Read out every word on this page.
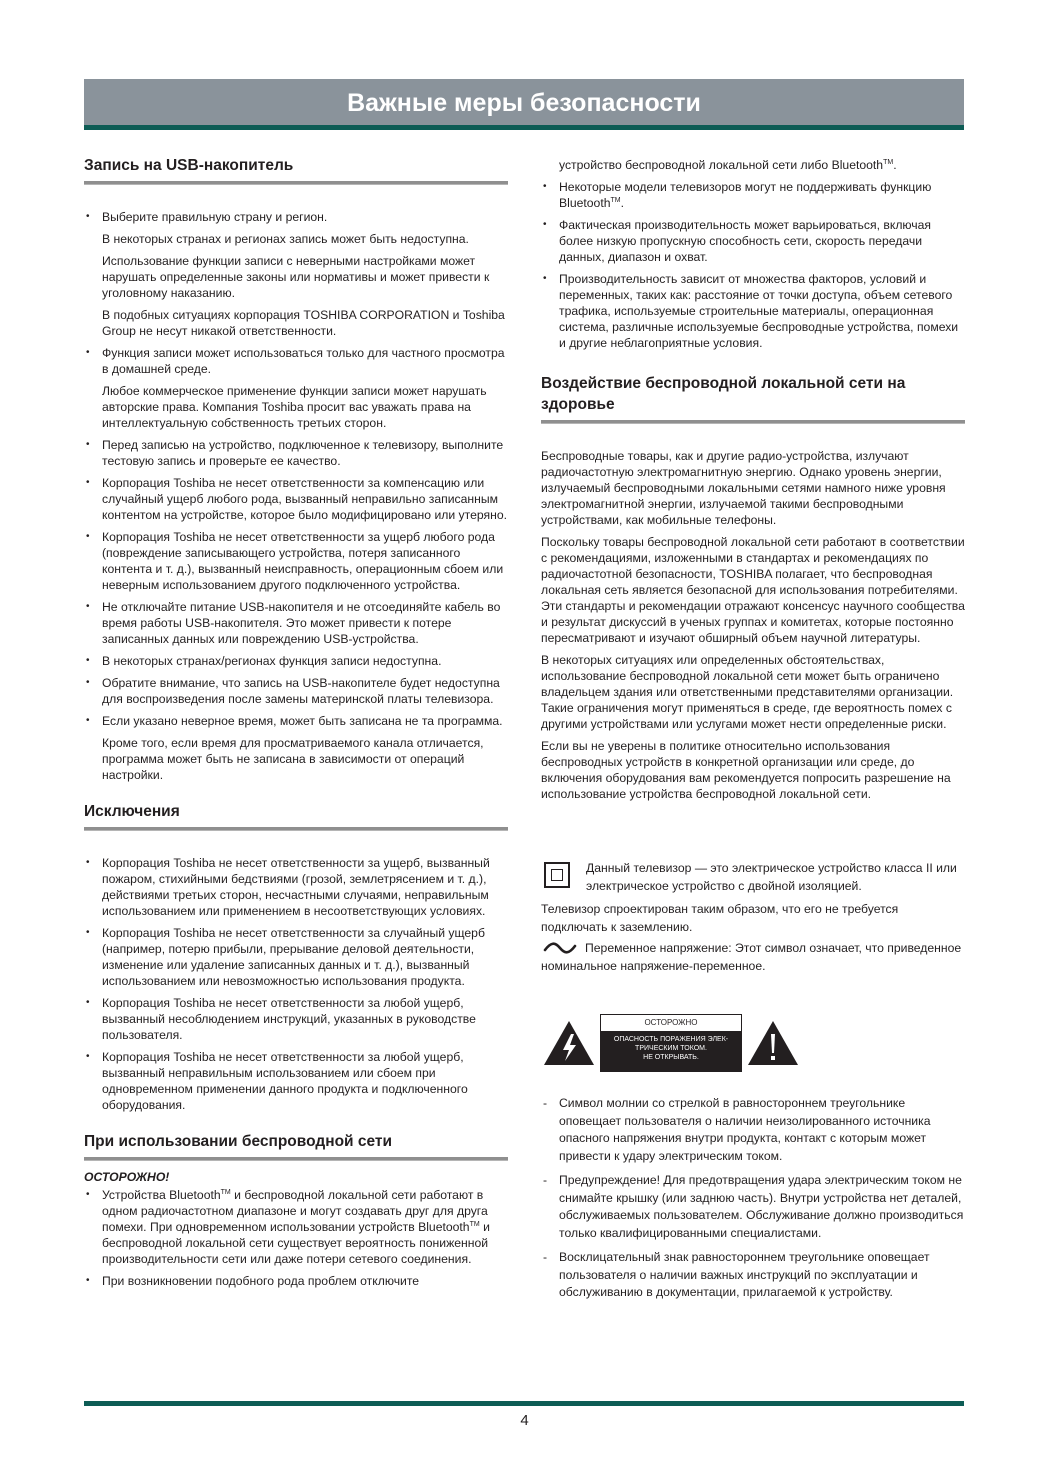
Важные меры безопасности
Запись на USB-накопитель
• Выберите правильную страну и регион.
В некоторых странах и регионах запись может быть недоступна.
Использование функции записи с неверными настройками может нарушать определенные законы или нормативы и может привести к уголовному наказанию.
В подобных ситуациях корпорация TOSHIBA CORPORATION и Toshiba Group не несут никакой ответственности.
• Функция записи может использоваться только для частного просмотра в домашней среде.
Любое коммерческое применение функции записи может нарушать авторские права. Компания Toshiba просит вас уважать права на интеллектуальную собственность третьих сторон.
• Перед записью на устройство, подключенное к телевизору, выполните тестовую запись и проверьте ее качество.
• Корпорация Toshiba не несет ответственности за компенсацию или случайный ущерб любого рода, вызванный неправильно записанным контентом на устройстве, которое было модифицировано или утеряно.
• Корпорация Toshiba не несет ответственности за ущерб любого рода (повреждение записывающего устройства, потеря записанного контента и т. д.), вызванный неисправность, операционным сбоем или неверным использованием другого подключенного устройства.
• Не отключайте питание USB-накопителя и не отсоединяйте кабель во время работы USB-накопителя. Это может привести к потере записанных данных или повреждению USB-устройства.
• В некоторых странах/регионах функция записи недоступна.
• Обратите внимание, что запись на USB-накопителе будет недоступна для воспроизведения после замены материнской платы телевизора.
• Если указано неверное время, может быть записана не та программа.
Кроме того, если время для просматриваемого канала отличается, программа может быть не записана в зависимости от операций настройки.
Исключения
• Корпорация Toshiba не несет ответственности за ущерб, вызванный пожаром, стихийными бедствиями (грозой, землетрясением и т. д.), действиями третьих сторон, несчастными случаями, неправильным использованием или применением в несоответствующих условиях.
• Корпорация Toshiba не несет ответственности за случайный ущерб (например, потерю прибыли, прерывание деловой деятельности, изменение или удаление записанных данных и т. д.), вызванный использованием или невозможностью использования продукта.
• Корпорация Toshiba не несет ответственности за любой ущерб, вызванный несоблюдением инструкций, указанных в руководстве пользователя.
• Корпорация Toshiba не несет ответственности за любой ущерб, вызванный неправильным использованием или сбоем при одновременном применении данного продукта и подключенного оборудования.
При использовании беспроводной сети

ОСТОРОЖНО!

• Устройства Bluetooth™ и беспроводной локальной сети работают в одном радиочастотном диапазоне и могут создавать друг для друга помехи. При одновременном использовании устройств Bluetooth™ и беспроводной локальной сети существует вероятность пониженной производительности сети или даже потери сетевого соединения.
• При возникновении подобного рода проблем отключите
устройство беспроводной локальной сети либо Bluetooth™.
• Некоторые модели телевизоров могут не поддерживать функцию Bluetooth™.
• Фактическая производительность может варьироваться, включая более низкую пропускную способность сети, скорость передачи данных, диапазон и охват.
• Производительность зависит от множества факторов, условий и переменных, таких как: расстояние от точки доступа, объем сетевого трафика, используемые строительные материалы, операционная система, различные используемые беспроводные устройства, помехи и другие неблагоприятные условия.
Воздействие беспроводной локальной сети на здоровье

Беспроводные товары, как и другие радио-устройства, излучают радиочастотную электромагнитную энергию. Однако уровень энергии, излучаемый беспроводными локальными сетями намного ниже уровня электромагнитной энергии, излучаемой такими беспроводными устройствами, как мобильные телефоны.

Поскольку товары беспроводной локальной сети работают в соответствии с рекомендациями, изложенными в стандартах и рекомендациях по радиочастотной безопасности, TOSHIBA полагает, что беспроводная локальная сеть является безопасной для использования потребителями. Эти стандарты и рекомендации отражают консенсус научного сообщества и результат дискуссий в ученых группах и комитетах, которые постоянно пересматривают и изучают обширный объем научной литературы.

В некоторых ситуациях или определенных обстоятельствах, использование беспроводной локальной сети может быть ограничено владельцем здания или ответственными представителями организации. Такие ограничения могут применяться в среде, где вероятность помех с другими устройствами или услугами может нести определенные риски.

Если вы не уверены в политике относительно использования беспроводных устройств в конкретной организации или среде, до включения оборудования вам рекомендуется попросить разрешение на использование устройства беспроводной локальной сети.

Данный телевизор — это электрическое устройство класса II или электрическое устройство с двойной изоляцией.

Телевизор спроектирован таким образом, что его не требуется подключать к заземлению.

Переменное напряжение: Этот символ означает, что приведенное номинальное напряжение-переменное.

ОСТОРОЖНО
ОПАСНОСТЬ ПОРАЖЕНИЯ ЭЛЕК-
ТРИЧЕСКИМ ТОКОМ.
НЕ ОТКРЫВАТЬ.
- Символ молнии со стрелкой в равностороннем треугольнике оповещает пользователя о наличии неизолированного источника опасного напряжения внутри продукта, контакт с которым может привести к удару электрическим током.
- Предупреждение! Для предотвращения удара электрическим током не снимайте крышку (или заднюю часть). Внутри устройства нет деталей, обслуживаемых пользователем. Обслуживание должно производиться только квалифицированными специалистами.
- Восклицательный знак равностороннем треугольнике оповещает пользователя о наличии важных инструкций по эксплуатации и обслуживанию в документации, прилагаемой к устройству.
4
